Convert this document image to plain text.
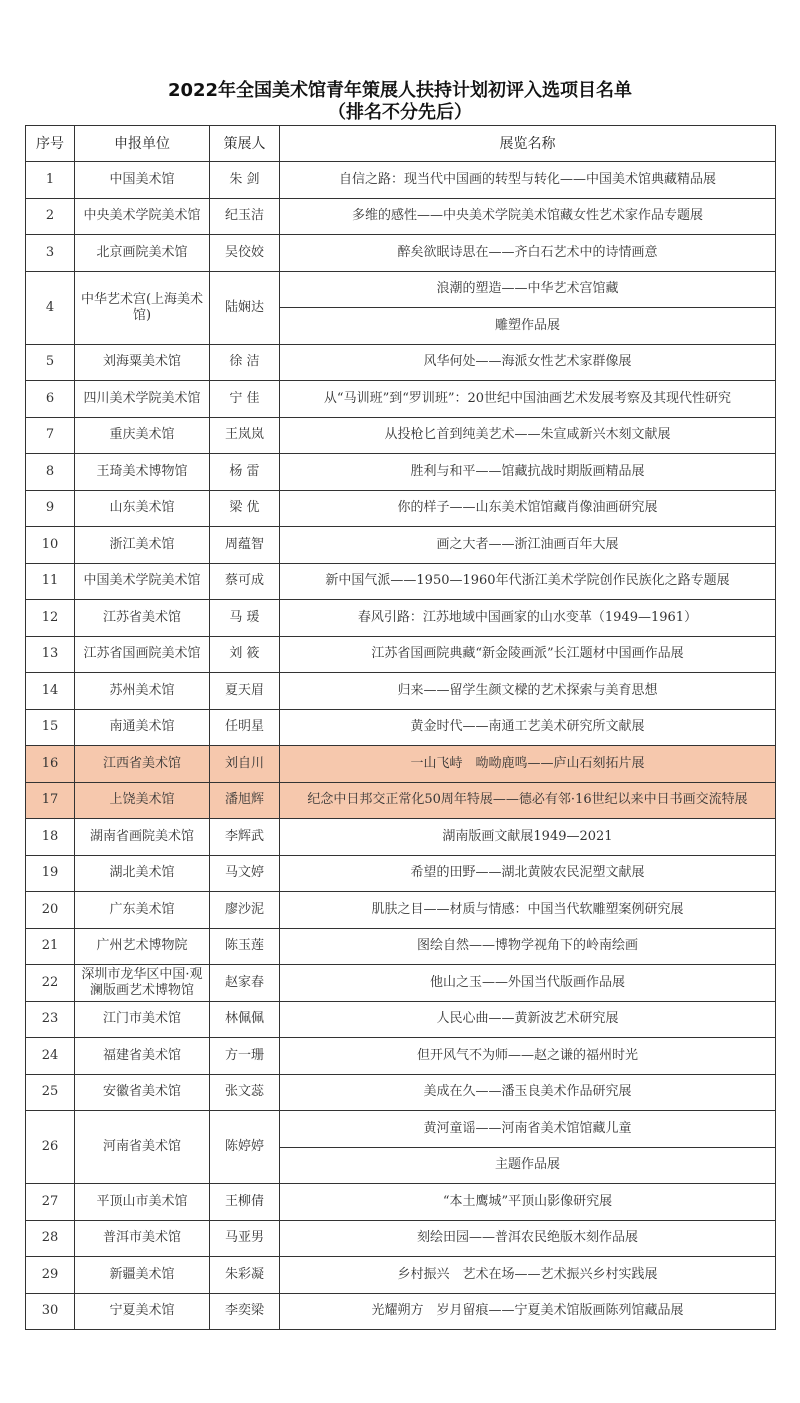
2022年全国美术馆青年策展人扶持计划初评入选项目名单
（排名不分先后）
序号	申报单位	策展人	展览名称
1	中国美术馆	朱 剑	自信之路：现当代中国画的转型与转化——中国美术馆典藏精品展
2	中央美术学院美术馆	纪玉洁	多维的感性——中央美术学院美术馆藏女性艺术家作品专题展
3	北京画院美术馆	吴佼姣	醉矣欲眠诗思在——齐白石艺术中的诗情画意
4	中华艺术宫(上海美术馆)	陆娴达	浪潮的塑造——中华艺术宫馆藏
			雕塑作品展
5	刘海粟美术馆	徐 洁	风华何处——海派女性艺术家群像展
6	四川美术学院美术馆	宁 佳	从“马训班”到“罗训班”：20世纪中国油画艺术发展考察及其现代性研究
7	重庆美术馆	王岚岚	从投枪匕首到纯美艺术——朱宣咸新兴木刻文献展
8	王琦美术博物馆	杨 雷	胜利与和平——馆藏抗战时期版画精品展
9	山东美术馆	梁 优	你的样子——山东美术馆馆藏肖像油画研究展
10	浙江美术馆	周蕴智	画之大者——浙江油画百年大展
11	中国美术学院美术馆	蔡可成	新中国气派——1950—1960年代浙江美术学院创作民族化之路专题展
12	江苏省美术馆	马 瑗	春风引路：江苏地域中国画家的山水变革（1949—1961）
13	江苏省国画院美术馆	刘 筱	江苏省国画院典藏“新金陵画派”长江题材中国画作品展
14	苏州美术馆	夏天眉	归来——留学生颜文樑的艺术探索与美育思想
15	南通美术馆	任明星	黄金时代——南通工艺美术研究所文献展
16	江西省美术馆	刘自川	一山飞峙　呦呦鹿鸣——庐山石刻拓片展
17	上饶美术馆	潘旭辉	纪念中日邦交正常化50周年特展——德必有邻·16世纪以来中日书画交流特展
18	湖南省画院美术馆	李辉武	湖南版画文献展1949—2021
19	湖北美术馆	马文婷	希望的田野——湖北黄陂农民泥塑文献展
20	广东美术馆	廖沙泥	肌肤之目——材质与情感：中国当代软雕塑案例研究展
21	广州艺术博物院	陈玉莲	图绘自然——博物学视角下的岭南绘画
22	深圳市龙华区中国·观澜版画艺术博物馆	赵家春	他山之玉——外国当代版画作品展
23	江门市美术馆	林佩佩	人民心曲——黄新波艺术研究展
24	福建省美术馆	方一珊	但开风气不为师——赵之谦的福州时光
25	安徽省美术馆	张文蕊	美成在久——潘玉良美术作品研究展
26	河南省美术馆	陈婷婷	黄河童谣——河南省美术馆馆藏儿童
			主题作品展
27	平顶山市美术馆	王柳倩	“本土鹰城”平顶山影像研究展
28	普洱市美术馆	马亚男	刻绘田园——普洱农民绝版木刻作品展
29	新疆美术馆	朱彩凝	乡村振兴　艺术在场——艺术振兴乡村实践展
30	宁夏美术馆	李奕梁	光耀朔方　岁月留痕——宁夏美术馆版画陈列馆藏品展
